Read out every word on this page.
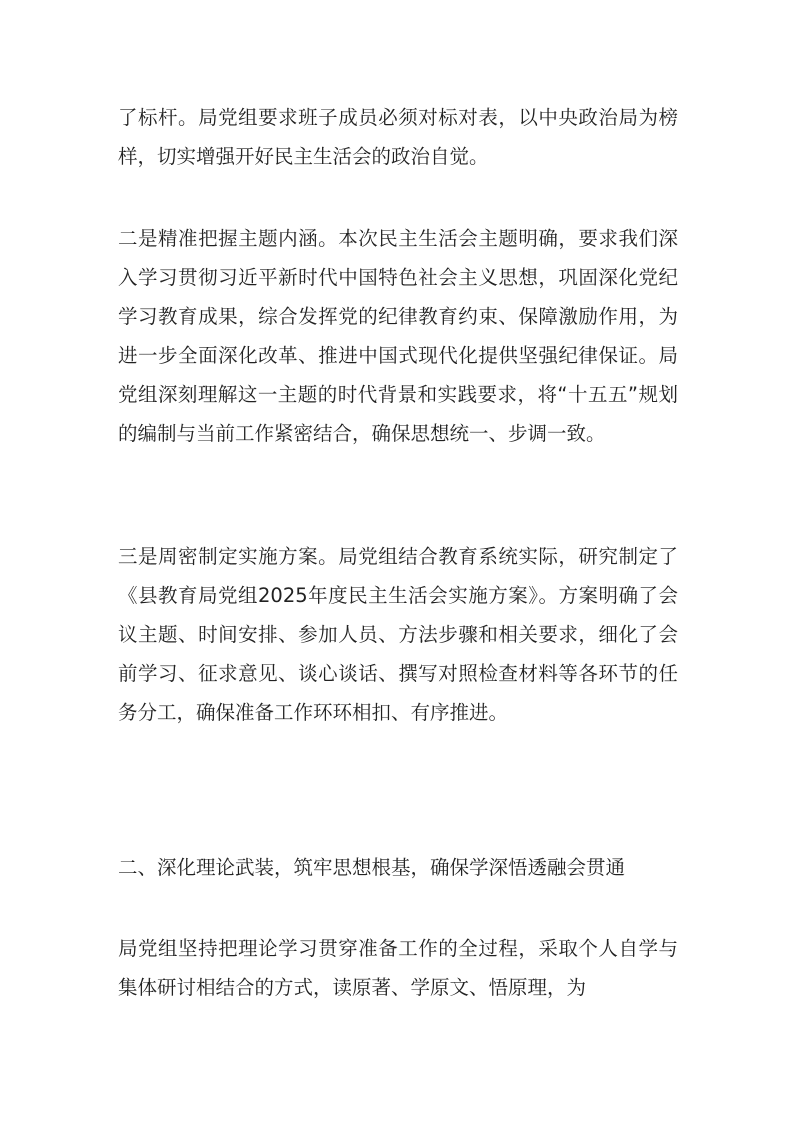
了标杆。局党组要求班子成员必须对标对表，以中央政治局为榜样，切实增强开好民主生活会的政治自觉。

二是精准把握主题内涵。本次民主生活会主题明确，要求我们深入学习贯彻习近平新时代中国特色社会主义思想，巩固深化党纪学习教育成果，综合发挥党的纪律教育约束、保障激励作用，为进一步全面深化改革、推进中国式现代化提供坚强纪律保证。局党组深刻理解这一主题的时代背景和实践要求，将“十五五”规划的编制与当前工作紧密结合，确保思想统一、步调一致。

三是周密制定实施方案。局党组结合教育系统实际，研究制定了《县教育局党组2025年度民主生活会实施方案》。方案明确了会议主题、时间安排、参加人员、方法步骤和相关要求，细化了会前学习、征求意见、谈心谈话、撰写对照检查材料等各环节的任务分工，确保准备工作环环相扣、有序推进。

二、深化理论武装，筑牢思想根基，确保学深悟透融会贯通

局党组坚持把理论学习贯穿准备工作的全过程，采取个人自学与集体研讨相结合的方式，读原著、学原文、悟原理，为
